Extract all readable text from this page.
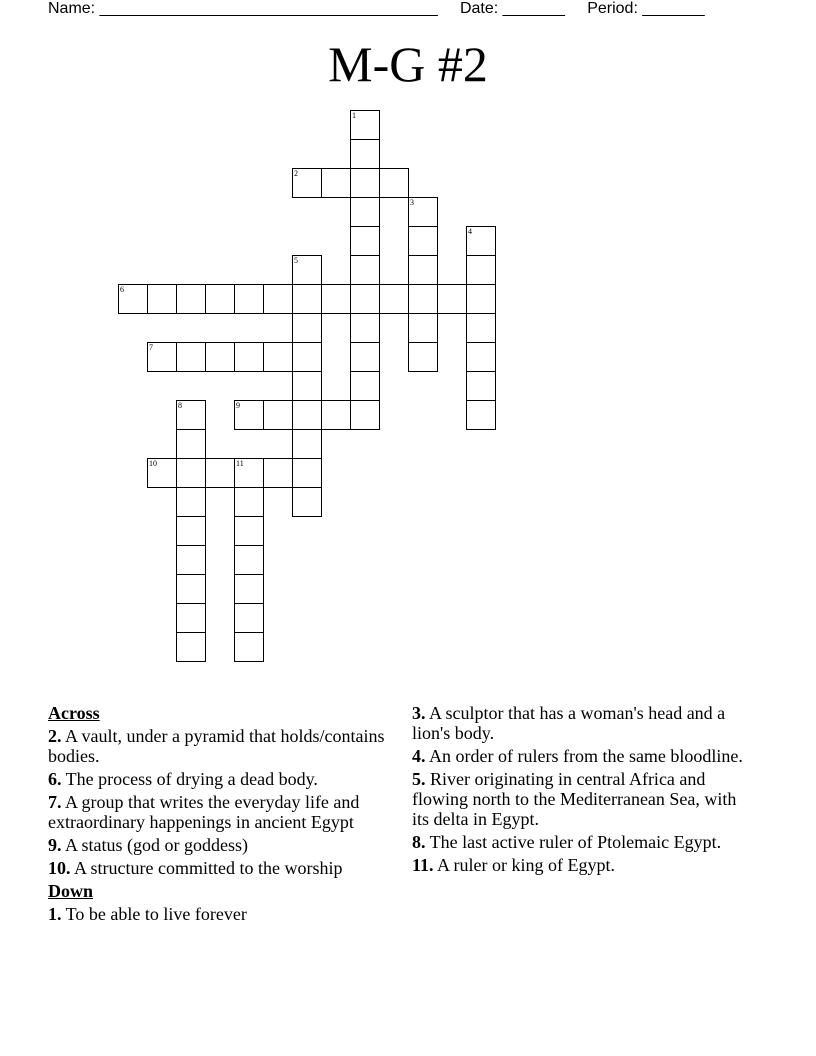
Name: ______________________________________ Date: _______ Period: _______
M-G #2
1
2
3
4
5
6
7
8	9
10	11
Across
2. A vault, under a pyramid that holds/contains bodies.
6. The process of drying a dead body.
7. A group that writes the everyday life and extraordinary happenings in ancient Egypt
9. A status (god or goddess)
10. A structure committed to the worship
Down
1. To be able to live forever
3. A sculptor that has a woman's head and a lion's body.
4. An order of rulers from the same bloodline.
5. River originating in central Africa and flowing north to the Mediterranean Sea, with its delta in Egypt.
8. The last active ruler of Ptolemaic Egypt.
11. A ruler or king of Egypt.
